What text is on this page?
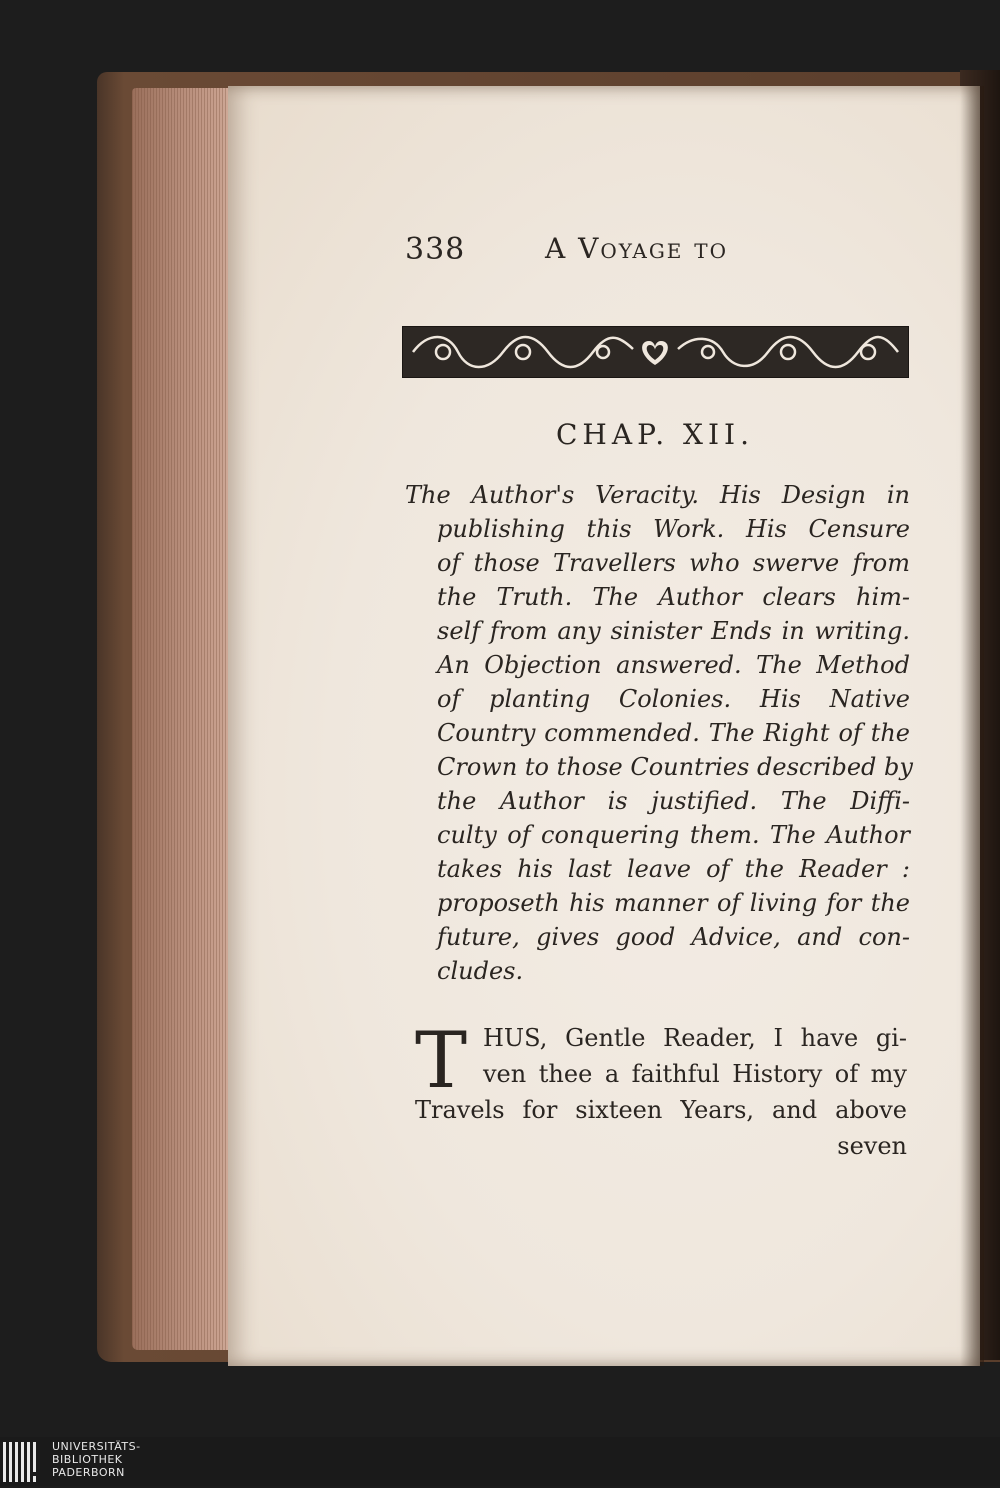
338	A Voyage to
CHAP. XII.
The Author's Veracity. His Design in
publishing this Work. His Censure
of those Travellers who swerve from
the Truth. The Author clears him-
self from any sinister Ends in writing.
An Objection answered. The Method
of planting Colonies. His Native
Country commended. The Right of the
Crown to those Countries described by
the Author is justified. The Diffi-
culty of conquering them. The Author
takes his last leave of the Reader :
proposeth his manner of living for the
future, gives good Advice, and con-
cludes.
T HUS, Gentle Reader, I have gi-
ven thee a faithful History of my
Travels for sixteen Years, and above
seven
UNIVERSITÄTS-
BIBLIOTHEK
PADERBORN
